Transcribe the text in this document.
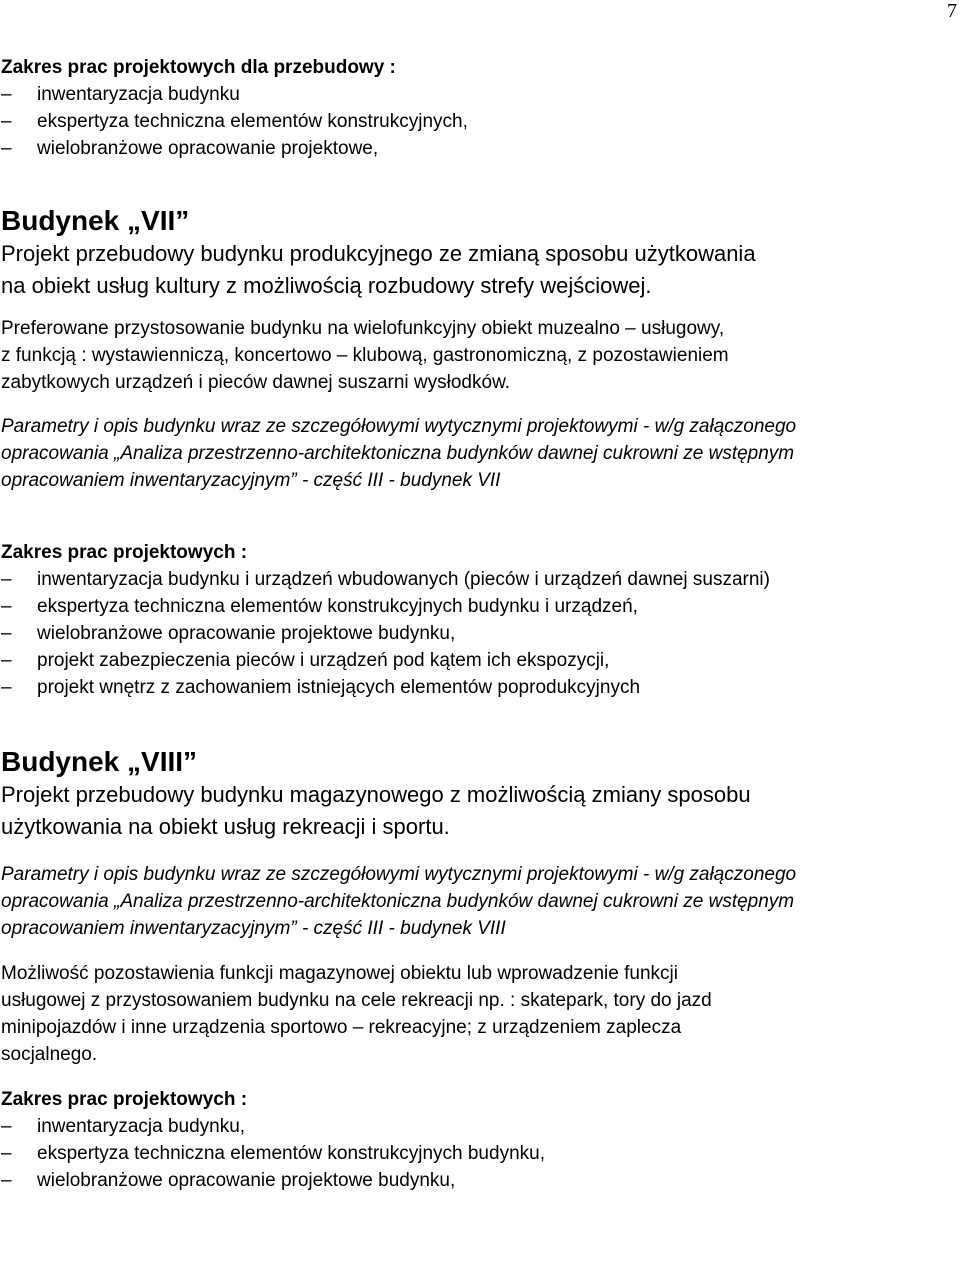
7

Zakres prac projektowych dla przebudowy :

– inwentaryzacja budynku
– ekspertyza techniczna elementów konstrukcyjnych,
– wielobranżowe opracowanie projektowe,

Budynek „VII”

Projekt przebudowy budynku produkcyjnego ze zmianą sposobu użytkowania

na obiekt usług kultury z możliwością rozbudowy strefy wejściowej.

Preferowane przystosowanie budynku na wielofunkcyjny obiekt muzealno – usługowy,

z funkcją : wystawienniczą, koncertowo – klubową, gastronomiczną, z pozostawieniem

zabytkowych urządzeń i pieców dawnej suszarni wysłodków.

Parametry i opis budynku wraz ze szczegółowymi wytycznymi projektowymi - w/g załączonego

opracowania „Analiza przestrzenno-architektoniczna budynków dawnej cukrowni ze wstępnym

opracowaniem inwentaryzacyjnym” - część III - budynek VII

Zakres prac projektowych :

– inwentaryzacja budynku i urządzeń wbudowanych (pieców i urządzeń dawnej suszarni)
– ekspertyza techniczna elementów konstrukcyjnych budynku i urządzeń,
– wielobranżowe opracowanie projektowe budynku,
– projekt zabezpieczenia pieców i urządzeń pod kątem ich ekspozycji,
– projekt wnętrz z zachowaniem istniejących elementów poprodukcyjnych

Budynek „VIII”

Projekt przebudowy budynku magazynowego z możliwością zmiany sposobu

użytkowania na obiekt usług rekreacji i sportu.

Parametry i opis budynku wraz ze szczegółowymi wytycznymi projektowymi - w/g załączonego

opracowania „Analiza przestrzenno-architektoniczna budynków dawnej cukrowni ze wstępnym

opracowaniem inwentaryzacyjnym” - część III - budynek VIII

Możliwość pozostawienia funkcji magazynowej obiektu lub wprowadzenie funkcji

usługowej z przystosowaniem budynku na cele rekreacji np. : skatepark, tory do jazd

minipojazdów i inne urządzenia sportowo – rekreacyjne; z urządzeniem zaplecza

socjalnego.

Zakres prac projektowych :

– inwentaryzacja budynku,
– ekspertyza techniczna elementów konstrukcyjnych budynku,
– wielobranżowe opracowanie projektowe budynku,
